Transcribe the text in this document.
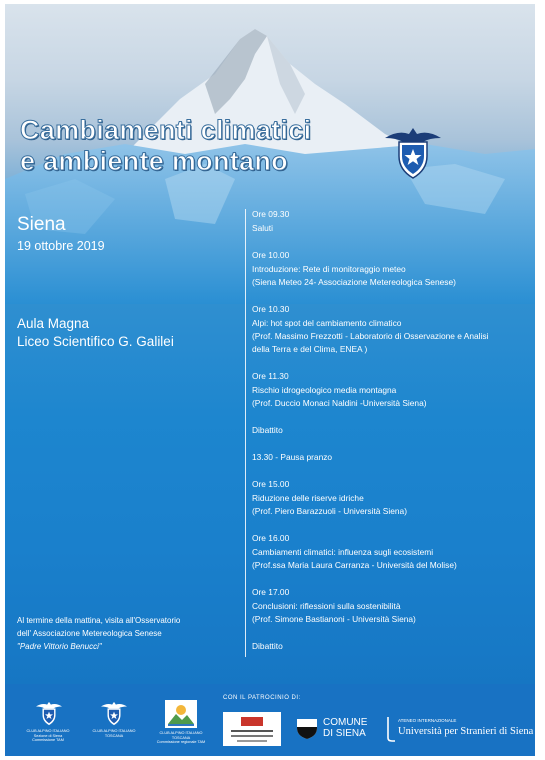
Cambiamenti climatici
e ambiente montano
Siena
19 ottobre 2019
Aula Magna
Liceo Scientifico G. Galilei
Al termine della mattina, visita all'Osservatorio
dell' Associazione Metereologica Senese
"Padre Vittorio Benucci"
Ore 09.30
Saluti
Ore 10.00
Introduzione: Rete di monitoraggio meteo
(Siena Meteo 24- Associazione Metereologica Senese)
Ore 10.30
Alpi: hot spot del cambiamento climatico
(Prof. Massimo Frezzotti - Laboratorio di Osservazione e Analisi
della Terra e del Clima, ENEA )
Ore 11.30
Rischio idrogeologico media montagna
(Prof. Duccio Monaci Naldini -Università Siena)
Dibattito
13.30 - Pausa pranzo
Ore 15.00
Riduzione delle riserve idriche
(Prof. Piero Barazzuoli - Università Siena)
Ore 16.00
Cambiamenti climatici: influenza sugli ecosistemi
(Prof.ssa Maria Laura Carranza - Università del Molise)
Ore 17.00
Conclusioni: riflessioni sulla sostenibilità
(Prof. Simone Bastianoni - Università Siena)
Dibattito
CLUB ALPINO ITALIANO
Sezione di Siena
Commissione TAM
CLUB ALPINO ITALIANO
TOSCANA
CLUB ALPINO ITALIANO
TOSCANA
Commissione regionale TAM
CON IL PATROCINIO DI:
COMUNE
DI SIENA
ATENEO INTERNAZIONALE
Università per Stranieri di Siena
